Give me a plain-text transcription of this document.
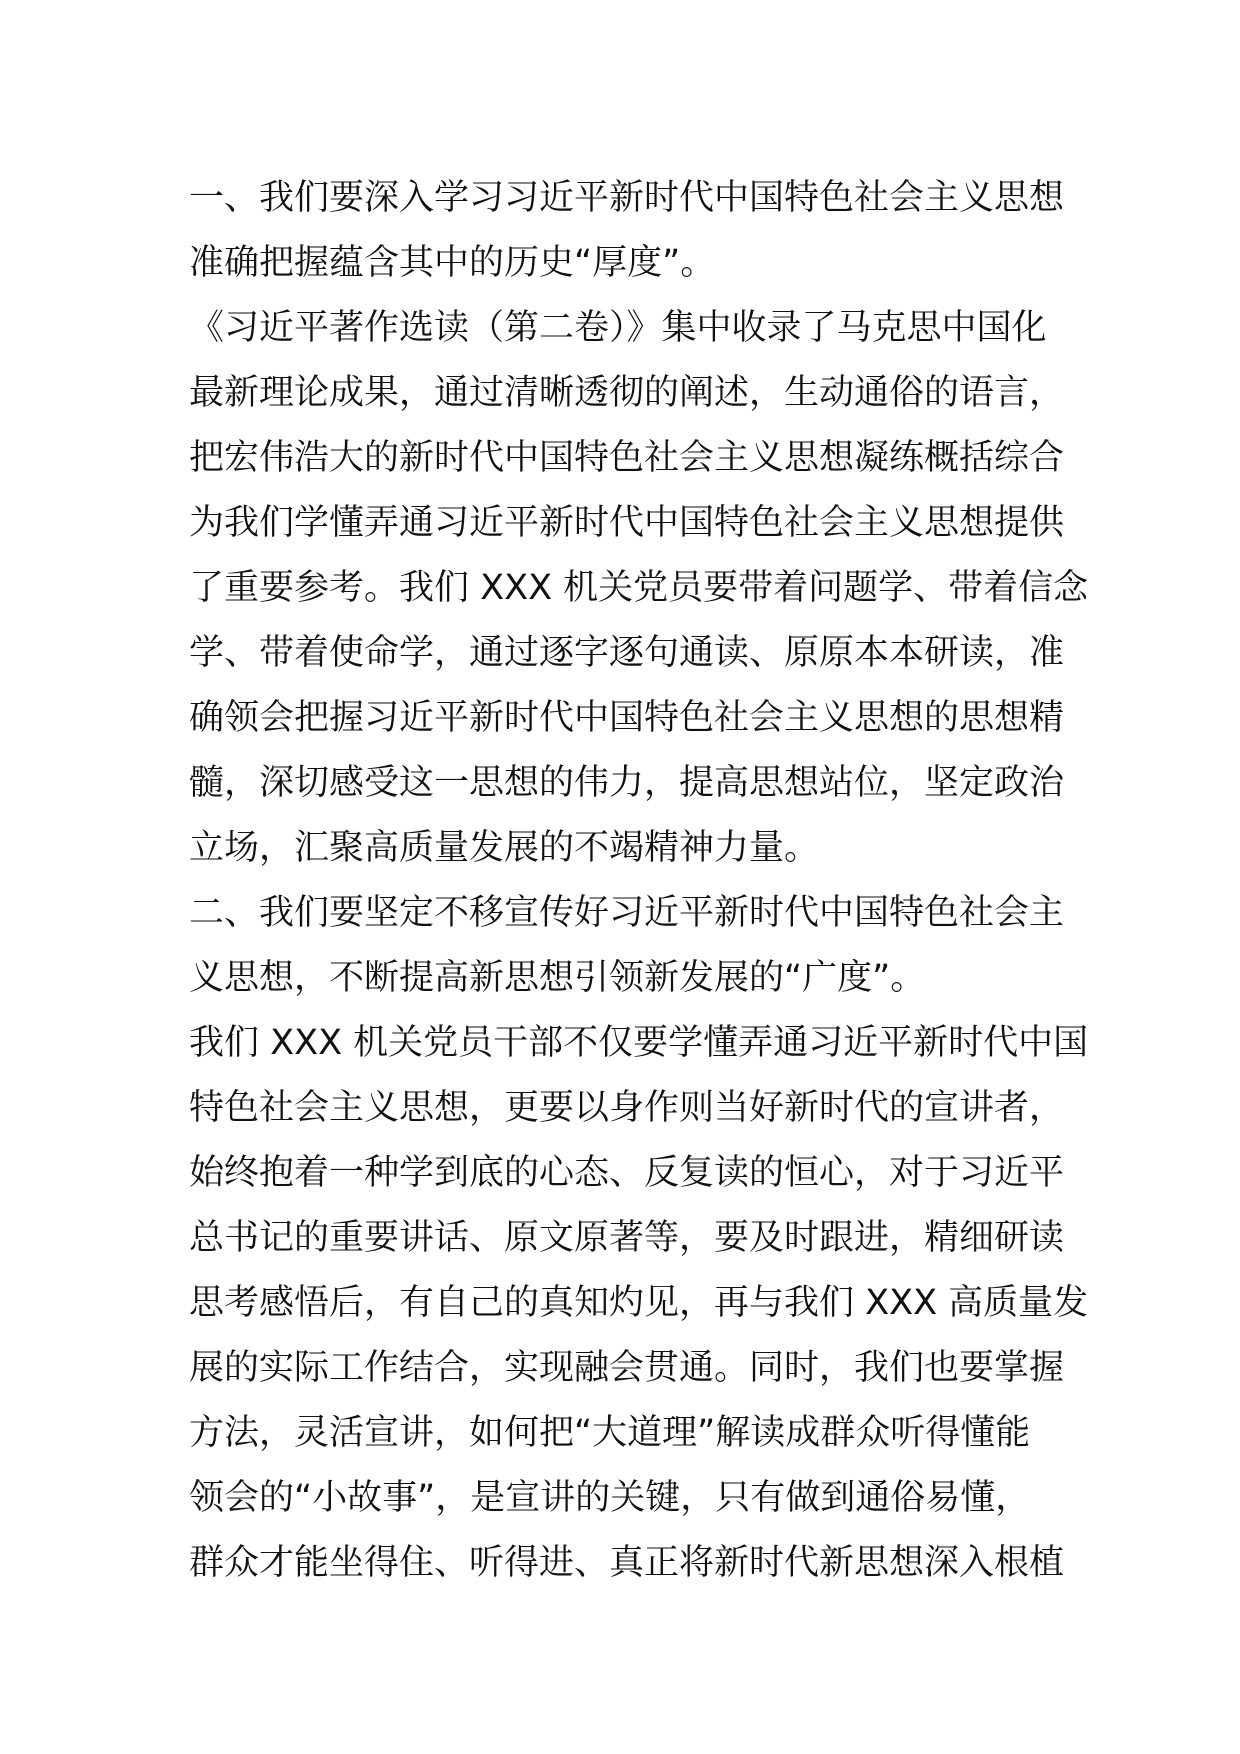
一、我们要深入学习习近平新时代中国特色社会主义思想
准确把握蕴含其中的历史“厚度”。
《习近平著作选读（第二卷）》集中收录了马克思中国化
最新理论成果，通过清晰透彻的阐述，生动通俗的语言，
把宏伟浩大的新时代中国特色社会主义思想凝练概括综合
为我们学懂弄通习近平新时代中国特色社会主义思想提供
了重要参考。我们 XXX 机关党员要带着问题学、带着信念
学、带着使命学，通过逐字逐句通读、原原本本研读，准
确领会把握习近平新时代中国特色社会主义思想的思想精
髓，深切感受这一思想的伟力，提高思想站位，坚定政治
立场，汇聚高质量发展的不竭精神力量。
二、我们要坚定不移宣传好习近平新时代中国特色社会主
义思想，不断提高新思想引领新发展的“广度”。
我们 XXX 机关党员干部不仅要学懂弄通习近平新时代中国
特色社会主义思想，更要以身作则当好新时代的宣讲者，
始终抱着一种学到底的心态、反复读的恒心，对于习近平
总书记的重要讲话、原文原著等，要及时跟进，精细研读
思考感悟后，有自己的真知灼见，再与我们 XXX 高质量发
展的实际工作结合，实现融会贯通。同时，我们也要掌握
方法，灵活宣讲，如何把“大道理”解读成群众听得懂能
领会的“小故事”，是宣讲的关键，只有做到通俗易懂，
群众才能坐得住、听得进、真正将新时代新思想深入根植
